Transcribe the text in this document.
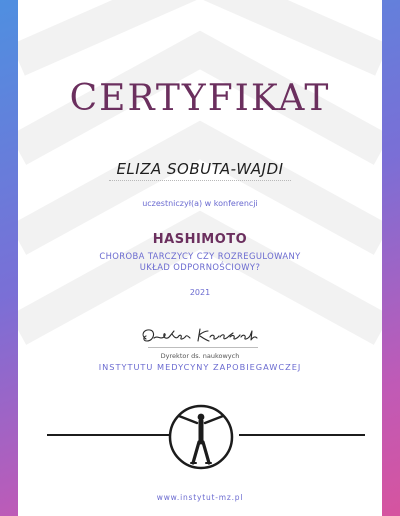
CERTYFIKAT
ELIZA SOBUTA-WAJDI
uczestniczył(a) w konferencji
HASHIMOTO
CHOROBA TARCZYCY CZY ROZREGULOWANY
UKŁAD ODPORNOŚCIOWY?
2021
Dyrektor ds. naukowych
INSTYTUTU MEDYCYNY ZAPOBIEGAWCZEJ
www.instytut-mz.pl
